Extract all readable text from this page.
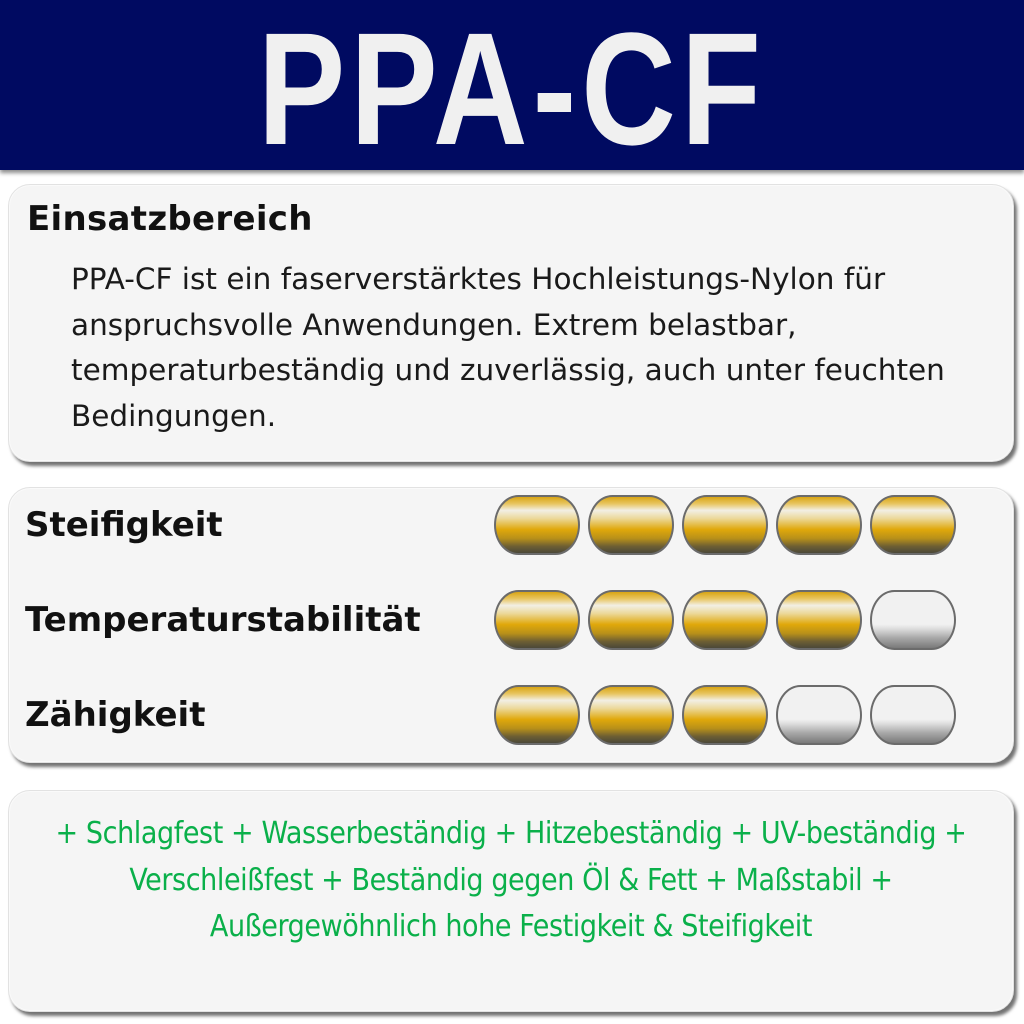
PPA-CF
Einsatzbereich

PPA-CF ist ein faserverstärktes Hochleistungs-Nylon für anspruchsvolle Anwendungen. Extrem belastbar, temperaturbeständig und zuverlässig, auch unter feuchten Bedingungen.

Steifigkeit
Temperaturstabilität
Zähigkeit

+ Schlagfest + Wasserbeständig + Hitzebeständig + UV-beständig + Verschleißfest + Beständig gegen Öl & Fett + Maßstabil + Außergewöhnlich hohe Festigkeit & Steifigkeit
